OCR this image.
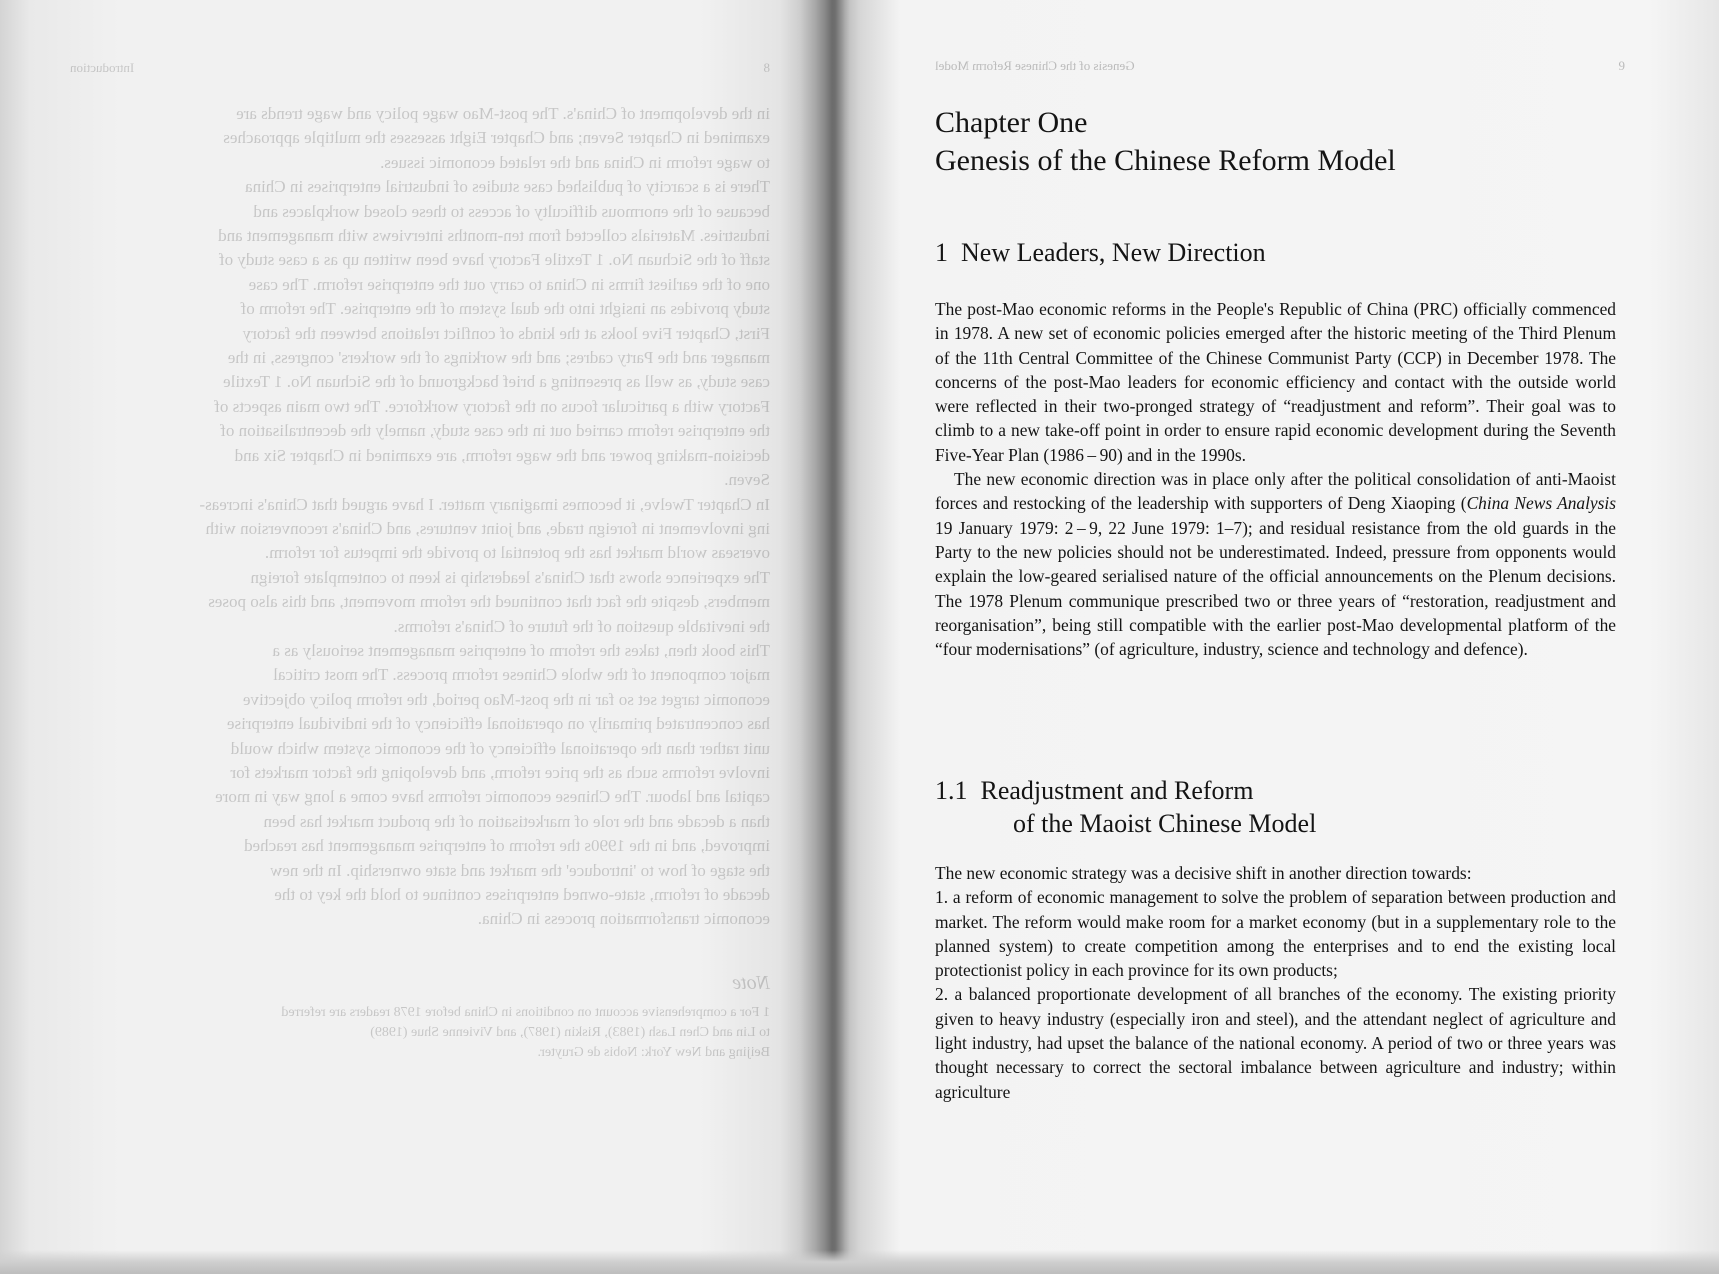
8
Introduction
in the development of China's. The post-Mao wage policy and wage trends are
examined in Chapter Seven; and Chapter Eight assesses the multiple approaches
to wage reform in China and the related economic issues.
There is a scarcity of published case studies of industrial enterprises in China
because of the enormous difficulty of access to these closed workplaces and
industries. Materials collected from ten-months interviews with management and
staff of the Sichuan No. 1 Textile Factory have been written up as a case study of
one of the earliest firms in China to carry out the enterprise reform. The case
study provides an insight into the dual system of the enterprise. The reform of
First, Chapter Five looks at the kinds of conflict relations between the factory
manager and the Party cadres; and the workings of the workers' congress, in the
case study, as well as presenting a brief background of the Sichuan No. 1 Textile
Factory with a particular focus on the factory workforce. The two main aspects of
the enterprise reform carried out in the case study, namely the decentralisation of
decision-making power and the wage reform, are examined in Chapter Six and
Seven.
In Chapter Twelve, it becomes imaginary matter. I have argued that China's increas-
ing involvement in foreign trade, and joint ventures, and China's reconversion with
overseas world market has the potential to provide the impetus for reform.
The experience shows that China's leadership is keen to contemplate foreign
members, despite the fact that continued the reform movement, and this also poses
the inevitable question of the future of China's reforms.
This book then, takes the reform of enterprise management seriously as a
major component of the whole Chinese reform process. The most critical
economic target set so far in the post-Mao period, the reform policy objective
has concentrated primarily on operational efficiency of the individual enterprise
unit rather than the operational efficiency of the economic system which would
involve reforms such as the price reform, and developing the factor markets for
capital and labour. The Chinese economic reforms have come a long way in more
than a decade and the role of marketisation of the product market has been
improved, and in the 1990s the reform of enterprise management has reached
the stage of how to 'introduce' the market and state ownership. In the new
decade of reform, state-owned enterprises continue to hold the key to the
economic transformation process in China.
Note
1 For a comprehensive account on conditions in China before 1978 readers are referred
to Lin and Chen Lash (1983), Riskin (1987), and Vivienne Shue (1989)
Beijing and New York: Nobis de Gruyter.
Genesis of the Chinese Reform Model	9
Chapter One
Genesis of the Chinese Reform Model
1 New Leaders, New Direction

The post-Mao economic reforms in the People's Republic of China (PRC) officially commenced in 1978. A new set of economic policies emerged after the historic meeting of the Third Plenum of the 11th Central Committee of the Chinese Communist Party (CCP) in December 1978. The concerns of the post-Mao leaders for economic efficiency and contact with the outside world were reflected in their two-pronged strategy of “readjustment and reform”. Their goal was to climb to a new take-off point in order to ensure rapid economic development during the Seventh Five-Year Plan (1986 – 90) and in the 1990s.

The new economic direction was in place only after the political consolidation of anti-Maoist forces and restocking of the leadership with supporters of Deng Xiaoping (China News Analysis 19 January 1979: 2 – 9, 22 June 1979: 1–7); and residual resistance from the old guards in the Party to the new policies should not be underestimated. Indeed, pressure from opponents would explain the low-geared serialised nature of the official announcements on the Plenum decisions. The 1978 Plenum communique prescribed two or three years of “restoration, readjustment and reorganisation”, being still compatible with the earlier post-Mao developmental platform of the “four modernisations” (of agriculture, industry, science and technology and defence).

1.1 Readjustment and Reform
of the Maoist Chinese Model

The new economic strategy was a decisive shift in another direction towards:

1. a reform of economic management to solve the problem of separation between production and market. The reform would make room for a market economy (but in a supplementary role to the planned system) to create competition among the enterprises and to end the existing local protectionist policy in each province for its own products;

2. a balanced proportionate development of all branches of the economy. The existing priority given to heavy industry (especially iron and steel), and the attendant neglect of agriculture and light industry, had upset the balance of the national economy. A period of two or three years was thought necessary to correct the sectoral imbalance between agriculture and industry; within agriculture
